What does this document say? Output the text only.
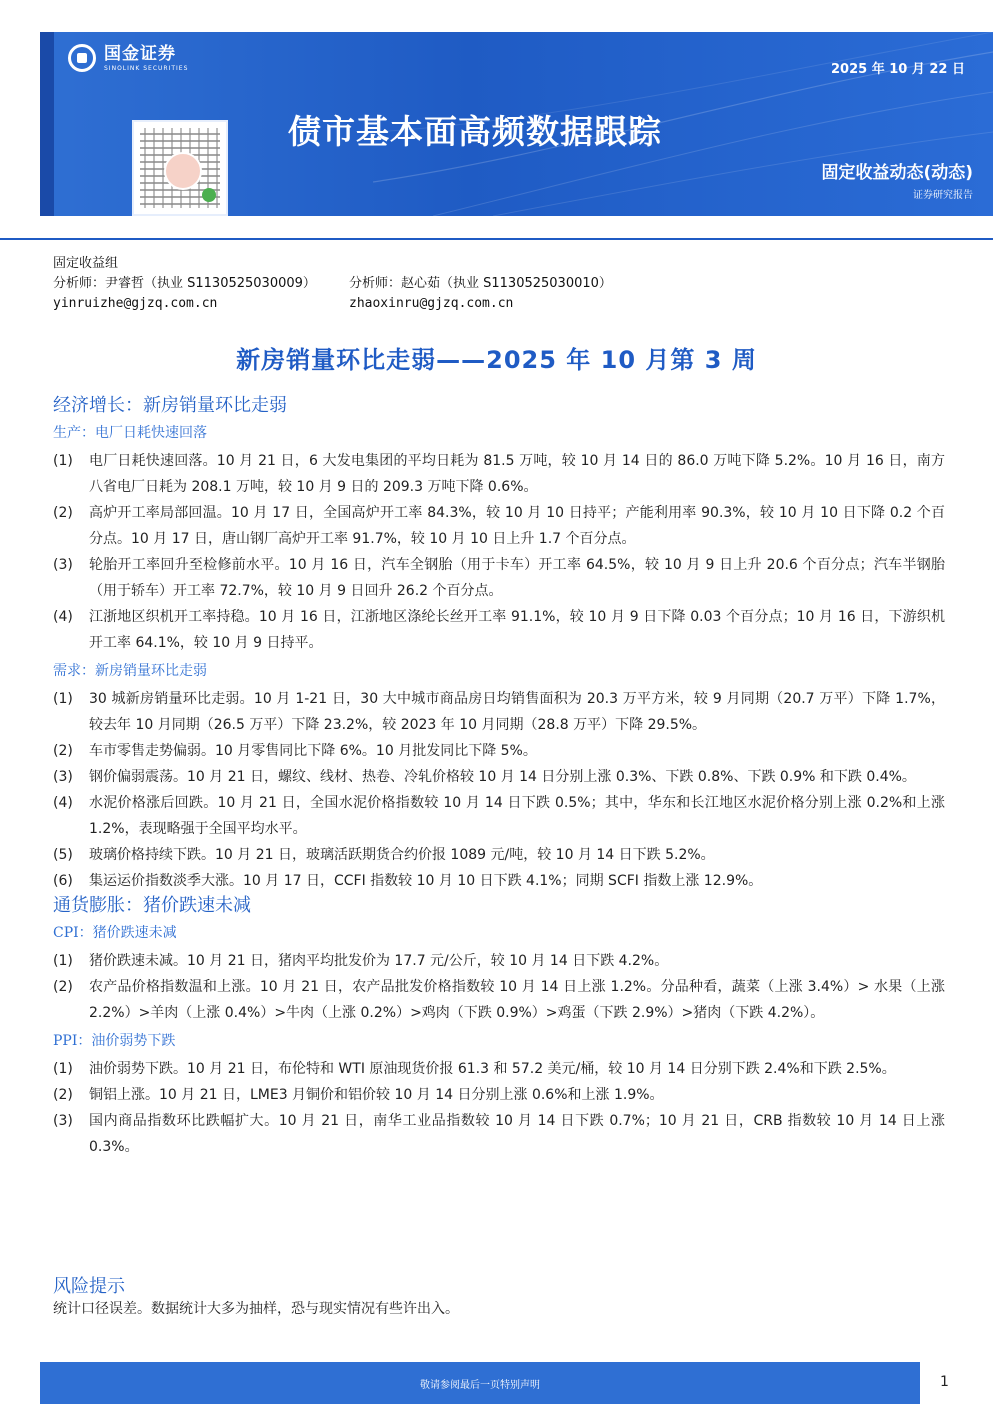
国金证券
SINOLINK SECURITIES	2025 年 10 月 22 日
债市基本面高频数据跟踪
固定收益动态(动态)
证券研究报告
固定收益组
分析师：尹睿哲（执业 S1130525030009）	分析师：赵心茹（执业 S1130525030010）
yinruizhe@gjzq.com.cn	zhaoxinru@gjzq.com.cn
新房销量环比走弱——2025 年 10 月第 3 周
经济增长：新房销量环比走弱
生产：电厂日耗快速回落
(1)	电厂日耗快速回落。10 月 21 日，6 大发电集团的平均日耗为 81.5 万吨，较 10 月 14 日的 86.0 万吨下降 5.2%。10 月 16 日，南方八省电厂日耗为 208.1 万吨，较 10 月 9 日的 209.3 万吨下降 0.6%。
(2)	高炉开工率局部回温。10 月 17 日，全国高炉开工率 84.3%，较 10 月 10 日持平；产能利用率 90.3%，较 10 月 10 日下降 0.2 个百分点。10 月 17 日，唐山钢厂高炉开工率 91.7%，较 10 月 10 日上升 1.7 个百分点。
(3)	轮胎开工率回升至检修前水平。10 月 16 日，汽车全钢胎（用于卡车）开工率 64.5%，较 10 月 9 日上升 20.6 个百分点；汽车半钢胎（用于轿车）开工率 72.7%，较 10 月 9 日回升 26.2 个百分点。
(4)	江浙地区织机开工率持稳。10 月 16 日，江浙地区涤纶长丝开工率 91.1%，较 10 月 9 日下降 0.03 个百分点；10 月 16 日，下游织机开工率 64.1%，较 10 月 9 日持平。
需求：新房销量环比走弱
(1)	30 城新房销量环比走弱。10 月 1-21 日，30 大中城市商品房日均销售面积为 20.3 万平方米，较 9 月同期（20.7 万平）下降 1.7%，较去年 10 月同期（26.5 万平）下降 23.2%，较 2023 年 10 月同期（28.8 万平）下降 29.5%。
(2)	车市零售走势偏弱。10 月零售同比下降 6%。10 月批发同比下降 5%。
(3)	钢价偏弱震荡。10 月 21 日，螺纹、线材、热卷、冷轧价格较 10 月 14 日分别上涨 0.3%、下跌 0.8%、下跌 0.9% 和下跌 0.4%。
(4)	水泥价格涨后回跌。10 月 21 日，全国水泥价格指数较 10 月 14 日下跌 0.5%；其中，华东和长江地区水泥价格分别上涨 0.2%和上涨 1.2%，表现略强于全国平均水平。
(5)	玻璃价格持续下跌。10 月 21 日，玻璃活跃期货合约价报 1089 元/吨，较 10 月 14 日下跌 5.2%。
(6)	集运运价指数淡季大涨。10 月 17 日，CCFI 指数较 10 月 10 日下跌 4.1%；同期 SCFI 指数上涨 12.9%。
通货膨胀：猪价跌速未减
CPI：猪价跌速未减
(1)	猪价跌速未减。10 月 21 日，猪肉平均批发价为 17.7 元/公斤，较 10 月 14 日下跌 4.2%。
(2)	农产品价格指数温和上涨。10 月 21 日，农产品批发价格指数较 10 月 14 日上涨 1.2%。分品种看，蔬菜（上涨 3.4%）> 水果（上涨 2.2%）>羊肉（上涨 0.4%）>牛肉（上涨 0.2%）>鸡肉（下跌 0.9%）>鸡蛋（下跌 2.9%）>猪肉（下跌 4.2%）。
PPI：油价弱势下跌
(1)	油价弱势下跌。10 月 21 日，布伦特和 WTI 原油现货价报 61.3 和 57.2 美元/桶，较 10 月 14 日分别下跌 2.4%和下跌 2.5%。
(2)	铜铝上涨。10 月 21 日，LME3 月铜价和铝价较 10 月 14 日分别上涨 0.6%和上涨 1.9%。
(3)	国内商品指数环比跌幅扩大。10 月 21 日，南华工业品指数较 10 月 14 日下跌 0.7%；10 月 21 日，CRB 指数较 10 月 14 日上涨 0.3%。
风险提示
统计口径误差。数据统计大多为抽样，恐与现实情况有些许出入。
敬请参阅最后一页特别声明	1
